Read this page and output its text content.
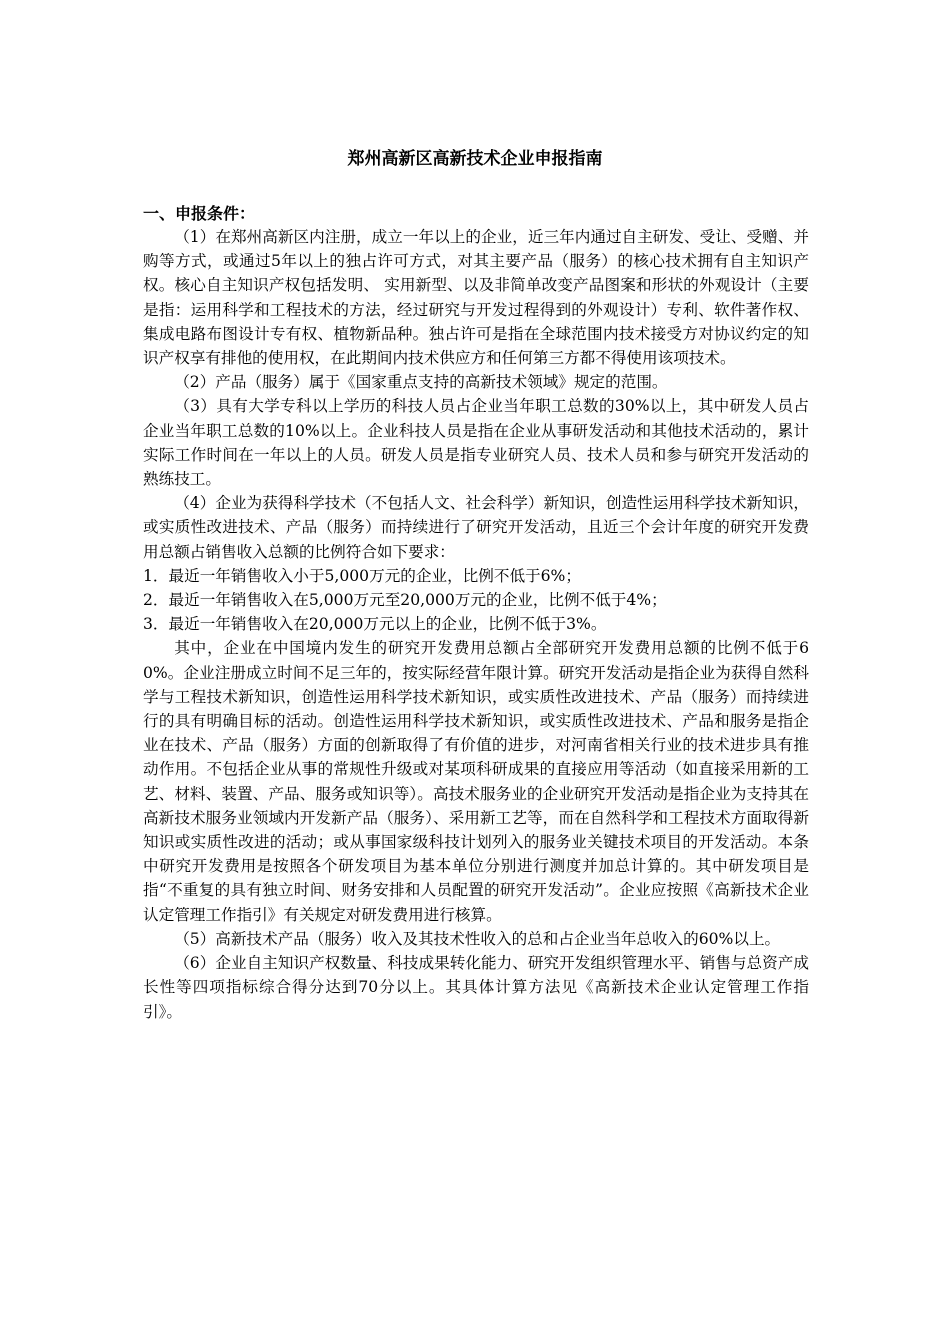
郑州高新区高新技术企业申报指南
一、申报条件：

（1）在郑州高新区内注册，成立一年以上的企业，近三年内通过自主研发、受让、受赠、并购等方式，或通过5年以上的独占许可方式，对其主要产品（服务）的核心技术拥有自主知识产权。核心自主知识产权包括发明、 实用新型、以及非简单改变产品图案和形状的外观设计（主要是指：运用科学和工程技术的方法，经过研究与开发过程得到的外观设计）专利、软件著作权、集成电路布图设计专有权、植物新品种。独占许可是指在全球范围内技术接受方对协议约定的知识产权享有排他的使用权，在此期间内技术供应方和任何第三方都不得使用该项技术。

（2）产品（服务）属于《国家重点支持的高新技术领域》规定的范围。

（3）具有大学专科以上学历的科技人员占企业当年职工总数的30%以上，其中研发人员占企业当年职工总数的10%以上。企业科技人员是指在企业从事研发活动和其他技术活动的，累计实际工作时间在一年以上的人员。研发人员是指专业研究人员、技术人员和参与研究开发活动的熟练技工。

（4）企业为获得科学技术（不包括人文、社会科学）新知识，创造性运用科学技术新知识，或实质性改进技术、产品（服务）而持续进行了研究开发活动，且近三个会计年度的研究开发费用总额占销售收入总额的比例符合如下要求：

1．最近一年销售收入小于5,000万元的企业，比例不低于6%；

2．最近一年销售收入在5,000万元至20,000万元的企业，比例不低于4%；

3．最近一年销售收入在20,000万元以上的企业，比例不低于3%。

其中，企业在中国境内发生的研究开发费用总额占全部研究开发费用总额的比例不低于60%。企业注册成立时间不足三年的，按实际经营年限计算。研究开发活动是指企业为获得自然科学与工程技术新知识，创造性运用科学技术新知识，或实质性改进技术、产品（服务）而持续进行的具有明确目标的活动。创造性运用科学技术新知识，或实质性改进技术、产品和服务是指企业在技术、产品（服务）方面的创新取得了有价值的进步，对河南省相关行业的技术进步具有推动作用。不包括企业从事的常规性升级或对某项科研成果的直接应用等活动（如直接采用新的工艺、材料、装置、产品、服务或知识等）。高技术服务业的企业研究开发活动是指企业为支持其在高新技术服务业领域内开发新产品（服务）、采用新工艺等，而在自然科学和工程技术方面取得新知识或实质性改进的活动；或从事国家级科技计划列入的服务业关键技术项目的开发活动。本条中研究开发费用是按照各个研发项目为基本单位分别进行测度并加总计算的。其中研发项目是指“不重复的具有独立时间、财务安排和人员配置的研究开发活动”。企业应按照《高新技术企业认定管理工作指引》有关规定对研发费用进行核算。

（5）高新技术产品（服务）收入及其技术性收入的总和占企业当年总收入的60%以上。

（6）企业自主知识产权数量、科技成果转化能力、研究开发组织管理水平、销售与总资产成长性等四项指标综合得分达到70分以上。其具体计算方法见《高新技术企业认定管理工作指引》。
